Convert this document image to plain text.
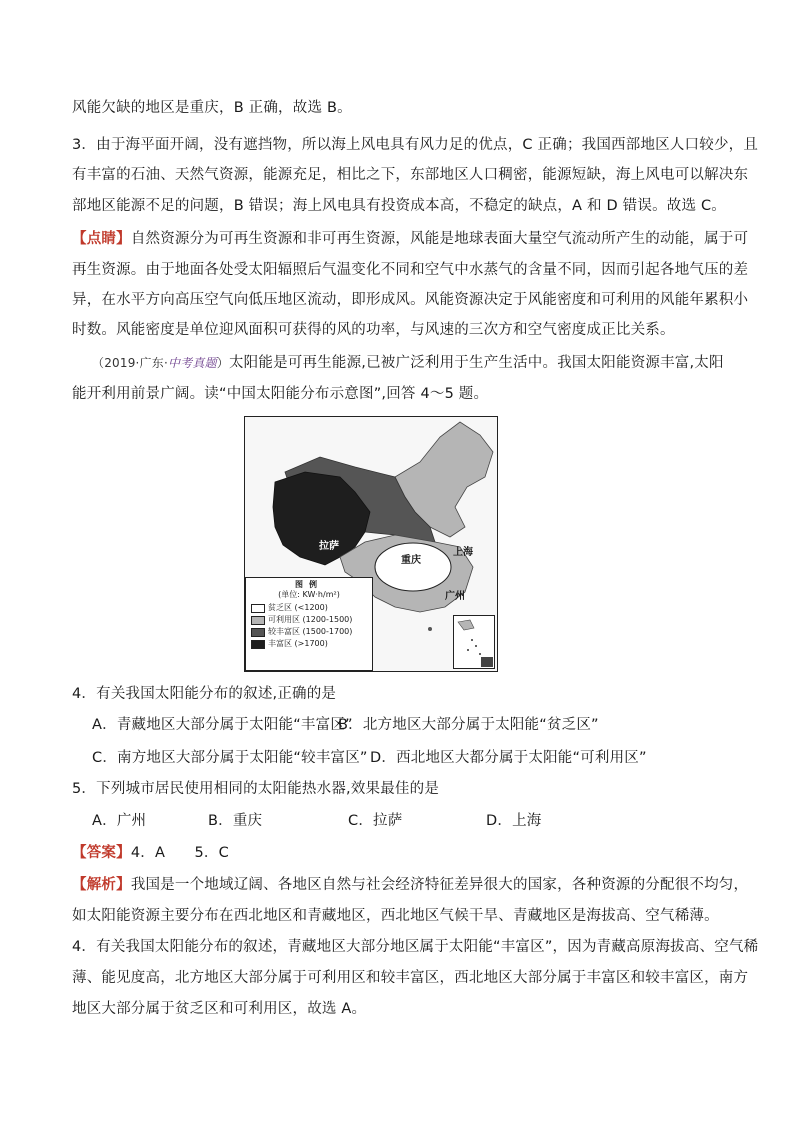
风能欠缺的地区是重庆，B 正确，故选 B。
3．由于海平面开阔，没有遮挡物，所以海上风电具有风力足的优点，C 正确；我国西部地区人口较少，且
有丰富的石油、天然气资源，能源充足，相比之下，东部地区人口稠密，能源短缺，海上风电可以解决东
部地区能源不足的问题，B 错误；海上风电具有投资成本高，不稳定的缺点，A 和 D 错误。故选 C。
【点睛】自然资源分为可再生资源和非可再生资源，风能是地球表面大量空气流动所产生的动能，属于可
再生资源。由于地面各处受太阳辐照后气温变化不同和空气中水蒸气的含量不同，因而引起各地气压的差
异，在水平方向高压空气向低压地区流动，即形成风。风能资源决定于风能密度和可利用的风能年累积小
时数。风能密度是单位迎风面积可获得的风的功率，与风速的三次方和空气密度成正比关系。
（2019·广东·中考真题）太阳能是可再生能源,已被广泛利用于生产生活中。我国太阳能资源丰富,太阳
能开利用前景广阔。读“中国太阳能分布示意图”,回答 4～5 题。
拉萨
重庆
上海
广州
图例
(单位: KW·h/m²)
贫乏区 (<1200)
可利用区 (1200-1500)
较丰富区 (1500-1700)
丰富区 (>1700)
4．有关我国太阳能分布的叙述,正确的是
A．青藏地区大部分属于太阳能“丰富区”B．北方地区大部分属于太阳能“贫乏区”
C．南方地区大部分属于太阳能“较丰富区” D．西北地区大都分属于太阳能“可利用区”
5．下列城市居民使用相同的太阳能热水器,效果最佳的是
A．广州	B．重庆	C．拉萨	D．上海
【答案】4．A　　5．C
【解析】我国是一个地域辽阔、各地区自然与社会经济特征差异很大的国家，各种资源的分配很不均匀，
如太阳能资源主要分布在西北地区和青藏地区，西北地区气候干旱、青藏地区是海拔高、空气稀薄。
4．有关我国太阳能分布的叙述，青藏地区大部分地区属于太阳能“丰富区”，因为青藏高原海拔高、空气稀
薄、能见度高，北方地区大部分属于可利用区和较丰富区，西北地区大部分属于丰富区和较丰富区，南方
地区大部分属于贫乏区和可利用区，故选 A。
